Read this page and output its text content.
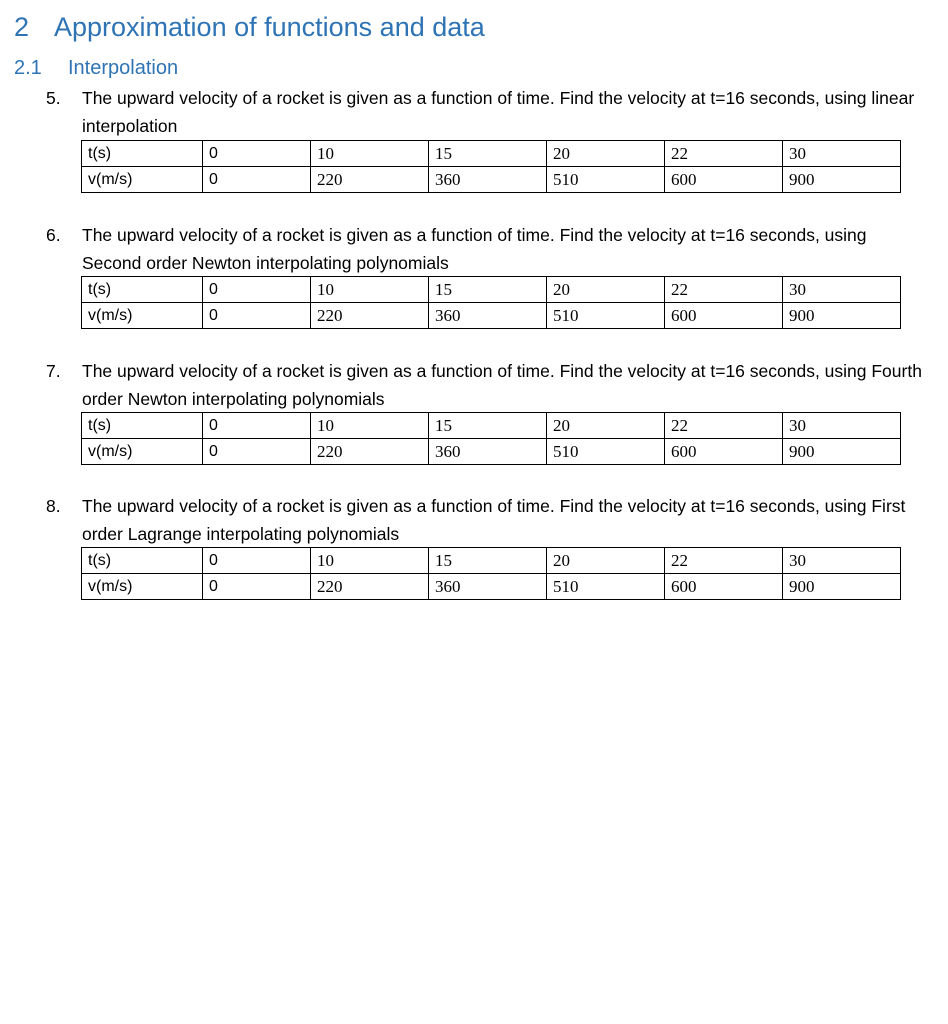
2 Approximation of functions and data
2.1 Interpolation
5. The upward velocity of a rocket is given as a function of time. Find the velocity at t=16 seconds, using linear interpolation
t(s)	0	10	15	20	22	30
v(m/s)	0	220	360	510	600	900
6. The upward velocity of a rocket is given as a function of time. Find the velocity at t=16 seconds, using Second order Newton interpolating polynomials
t(s)	0	10	15	20	22	30
v(m/s)	0	220	360	510	600	900
7. The upward velocity of a rocket is given as a function of time. Find the velocity at t=16 seconds, using Fourth order Newton interpolating polynomials
t(s)	0	10	15	20	22	30
v(m/s)	0	220	360	510	600	900
8. The upward velocity of a rocket is given as a function of time. Find the velocity at t=16 seconds, using First order Lagrange interpolating polynomials
t(s)	0	10	15	20	22	30
v(m/s)	0	220	360	510	600	900
